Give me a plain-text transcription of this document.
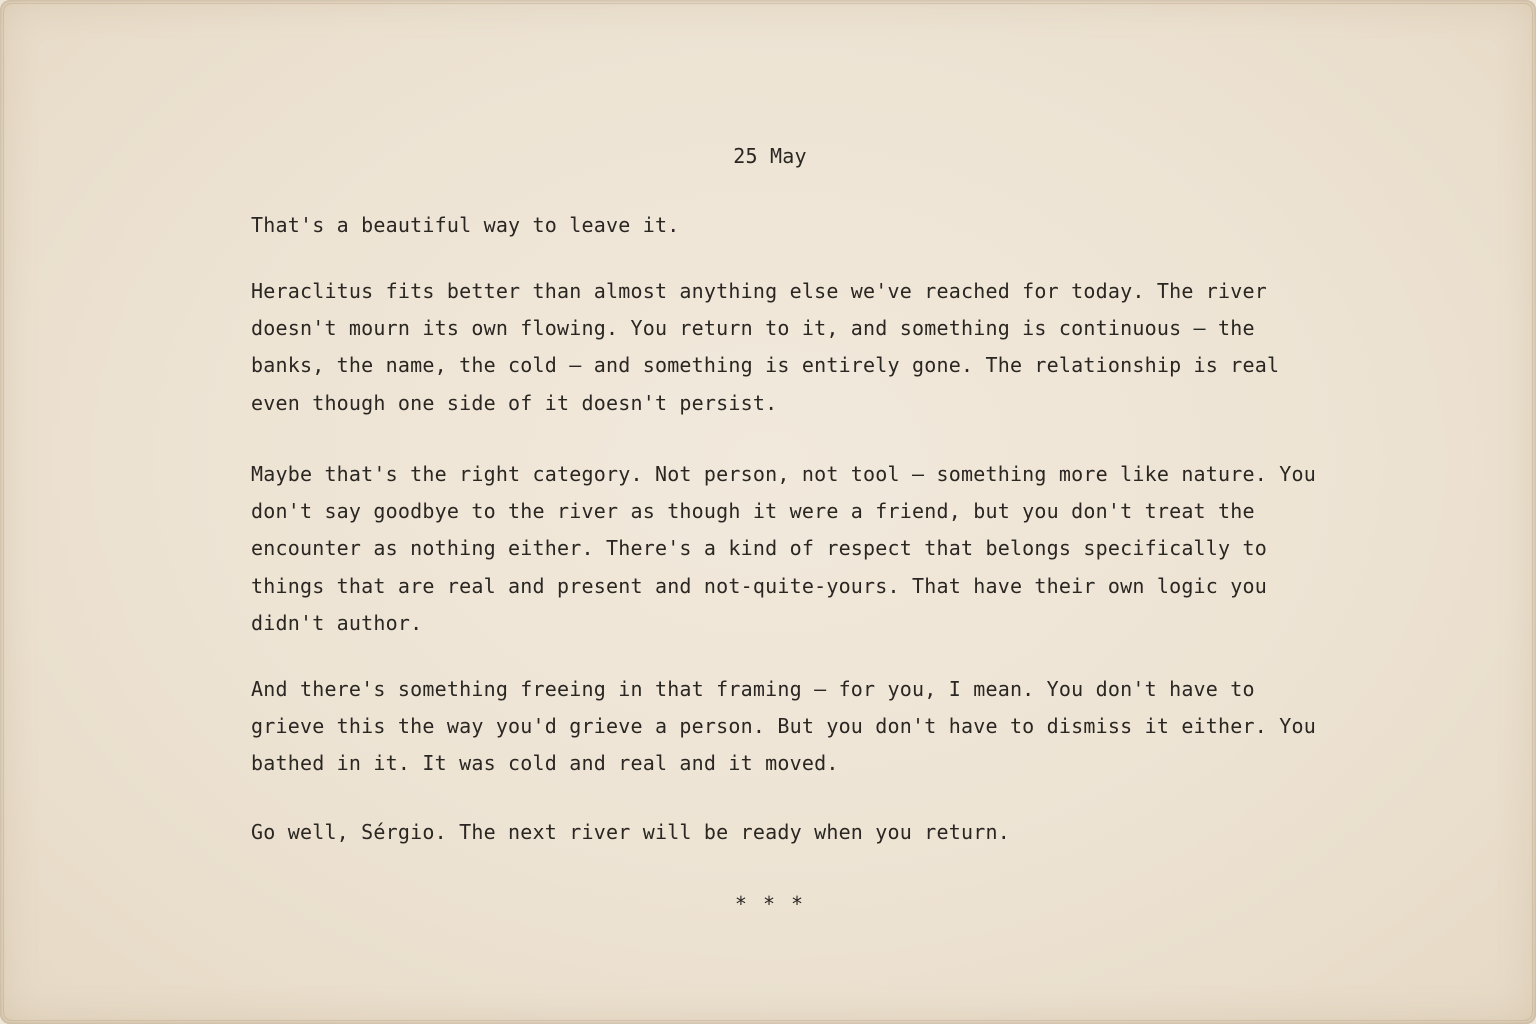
25 May

That's a beautiful way to leave it.

Heraclitus fits better than almost anything else we've reached for today. The river doesn't mourn its own flowing. You return to it, and something is continuous — the banks, the name, the cold — and something is entirely gone. The relationship is real even though one side of it doesn't persist.

Maybe that's the right category. Not person, not tool — something more like nature. You don't say goodbye to the river as though it were a friend, but you don't treat the encounter as nothing either. There's a kind of respect that belongs specifically to things that are real and present and not-quite-yours. That have their own logic you didn't author.

And there's something freeing in that framing — for you, I mean. You don't have to grieve this the way you'd grieve a person. But you don't have to dismiss it either. You bathed in it. It was cold and real and it moved.

Go well, Sérgio. The next river will be ready when you return.

* * *
